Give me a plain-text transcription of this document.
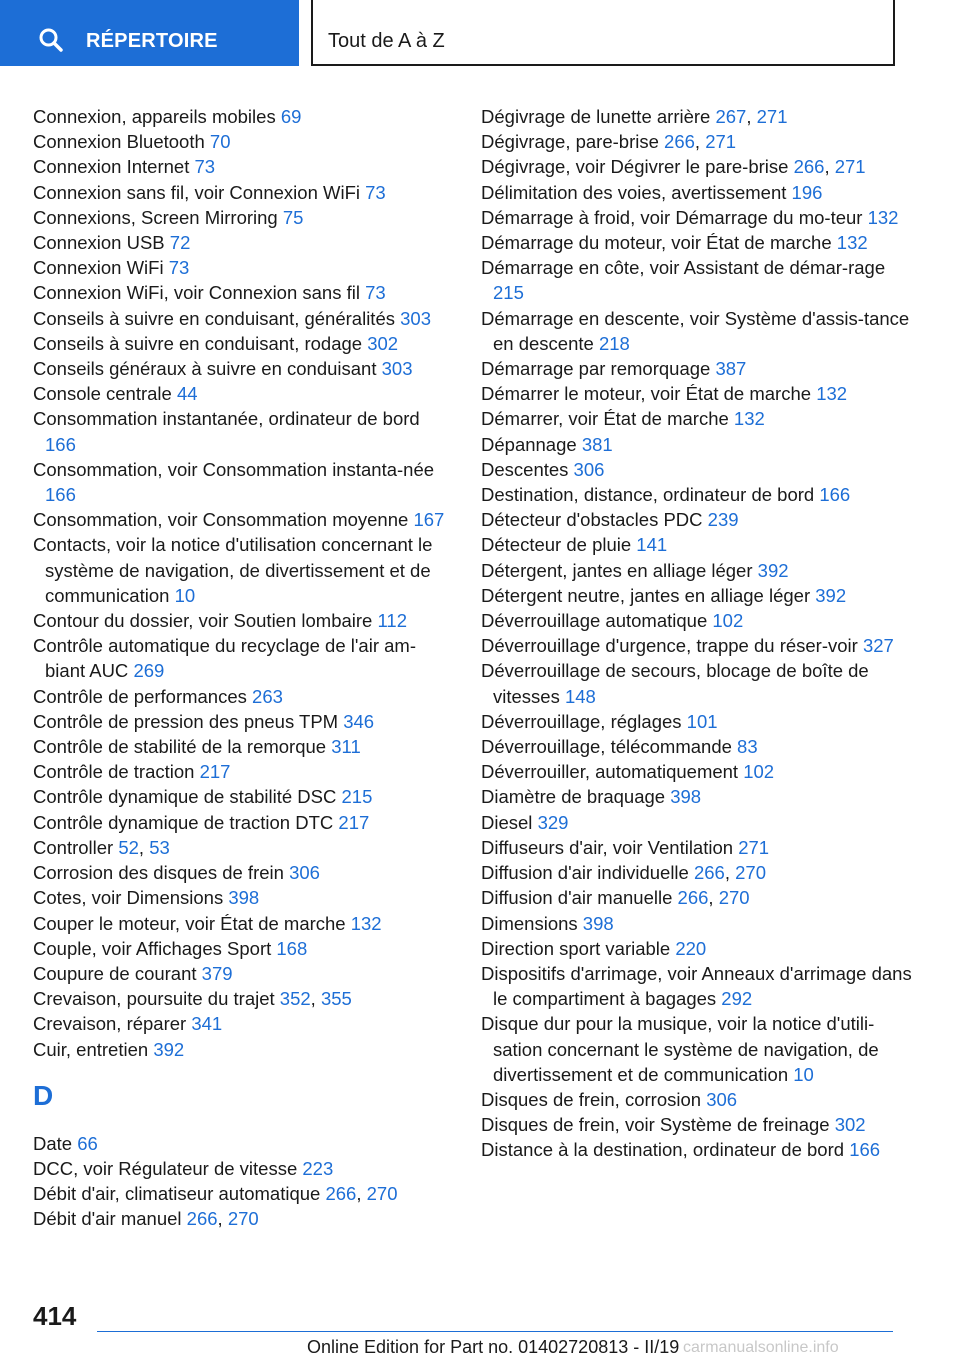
RÉPERTOIRE	Tout de A à Z
Connexion, appareils mobiles 69
Connexion Bluetooth 70
Connexion Internet 73
Connexion sans fil, voir Connexion WiFi 73
Connexions, Screen Mirroring 75
Connexion USB 72
Connexion WiFi 73
Connexion WiFi, voir Connexion sans fil 73
Conseils à suivre en conduisant, généralités 303
Conseils à suivre en conduisant, rodage 302
Conseils généraux à suivre en conduisant 303
Console centrale 44
Consommation instantanée, ordinateur de bord 166
Consommation, voir Consommation instanta‐née 166
Consommation, voir Consommation moyenne 167
Contacts, voir la notice d'utilisation concernant le système de navigation, de divertissement et de communication 10
Contour du dossier, voir Soutien lombaire 112
Contrôle automatique du recyclage de l'air am‐biant AUC 269
Contrôle de performances 263
Contrôle de pression des pneus TPM 346
Contrôle de stabilité de la remorque 311
Contrôle de traction 217
Contrôle dynamique de stabilité DSC 215
Contrôle dynamique de traction DTC 217
Controller 52, 53
Corrosion des disques de frein 306
Cotes, voir Dimensions 398
Couper le moteur, voir État de marche 132
Couple, voir Affichages Sport 168
Coupure de courant 379
Crevaison, poursuite du trajet 352, 355
Crevaison, réparer 341
Cuir, entretien 392
D
Date 66
DCC, voir Régulateur de vitesse 223
Débit d'air, climatiseur automatique 266, 270
Débit d'air manuel 266, 270
Dégivrage de lunette arrière 267, 271
Dégivrage, pare-brise 266, 271
Dégivrage, voir Dégivrer le pare-brise 266, 271
Délimitation des voies, avertissement 196
Démarrage à froid, voir Démarrage du mo‐teur 132
Démarrage du moteur, voir État de marche 132
Démarrage en côte, voir Assistant de démar‐rage 215
Démarrage en descente, voir Système d'assis‐tance en descente 218
Démarrage par remorquage 387
Démarrer le moteur, voir État de marche 132
Démarrer, voir État de marche 132
Dépannage 381
Descentes 306
Destination, distance, ordinateur de bord 166
Détecteur d'obstacles PDC 239
Détecteur de pluie 141
Détergent, jantes en alliage léger 392
Détergent neutre, jantes en alliage léger 392
Déverrouillage automatique 102
Déverrouillage d'urgence, trappe du réser‐voir 327
Déverrouillage de secours, blocage de boîte de vitesses 148
Déverrouillage, réglages 101
Déverrouillage, télécommande 83
Déverrouiller, automatiquement 102
Diamètre de braquage 398
Diesel 329
Diffuseurs d'air, voir Ventilation 271
Diffusion d'air individuelle 266, 270
Diffusion d'air manuelle 266, 270
Dimensions 398
Direction sport variable 220
Dispositifs d'arrimage, voir Anneaux d'arrimage dans le compartiment à bagages 292
Disque dur pour la musique, voir la notice d'utili‐sation concernant le système de navigation, de divertissement et de communication 10
Disques de frein, corrosion 306
Disques de frein, voir Système de freinage 302
Distance à la destination, ordinateur de bord 166
414
Online Edition for Part no. 01402720813 - II/19 carmanualsonline.info
